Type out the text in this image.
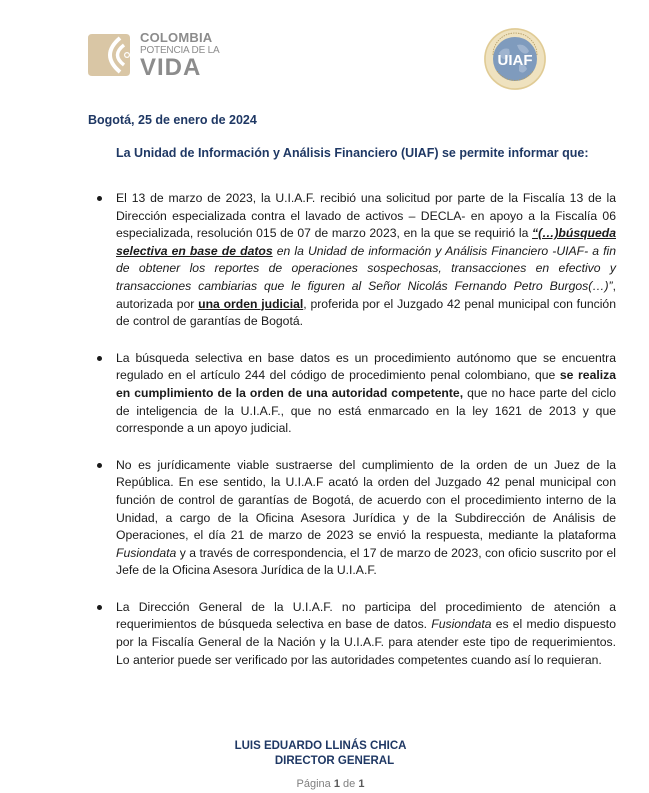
COLOMBIA
POTENCIA DE LA
VIDA	UIAF
Bogotá, 25 de enero de 2024
La Unidad de Información y Análisis Financiero (UIAF) se permite informar que:
El 13 de marzo de 2023, la U.I.A.F. recibió una solicitud por parte de la Fiscalía 13 de la Dirección especializada contra el lavado de activos – DECLA- en apoyo a la Fiscalía 06 especializada, resolución 015 de 07 de marzo 2023, en la que se requirió la “(…)búsqueda selectiva en base de datos en la Unidad de información y Análisis Financiero -UIAF- a fin de obtener los reportes de operaciones sospechosas, transacciones en efectivo y transacciones cambiarias que le figuren al Señor Nicolás Fernando Petro Burgos(…)”, autorizada por una orden judicial, proferida por el Juzgado 42 penal municipal con función de control de garantías de Bogotá.
La búsqueda selectiva en base datos es un procedimiento autónomo que se encuentra regulado en el artículo 244 del código de procedimiento penal colombiano, que se realiza en cumplimiento de la orden de una autoridad competente, que no hace parte del ciclo de inteligencia de la U.I.A.F., que no está enmarcado en la ley 1621 de 2013 y que corresponde a un apoyo judicial.
No es jurídicamente viable sustraerse del cumplimiento de la orden de un Juez de la República. En ese sentido, la U.I.A.F acató la orden del Juzgado 42 penal municipal con función de control de garantías de Bogotá, de acuerdo con el procedimiento interno de la Unidad, a cargo de la Oficina Asesora Jurídica y de la Subdirección de Análisis de Operaciones, el día 21 de marzo de 2023 se envió la respuesta, mediante la plataforma Fusiondata y a través de correspondencia, el 17 de marzo de 2023, con oficio suscrito por el Jefe de la Oficina Asesora Jurídica de la U.I.A.F.
La Dirección General de la U.I.A.F. no participa del procedimiento de atención a requerimientos de búsqueda selectiva en base de datos. Fusiondata es el medio dispuesto por la Fiscalía General de la Nación y la U.I.A.F. para atender este tipo de requerimientos. Lo anterior puede ser verificado por las autoridades competentes cuando así lo requieran.
LUIS EDUARDO LLINÁS CHICA
DIRECTOR GENERAL
Página 1 de 1
